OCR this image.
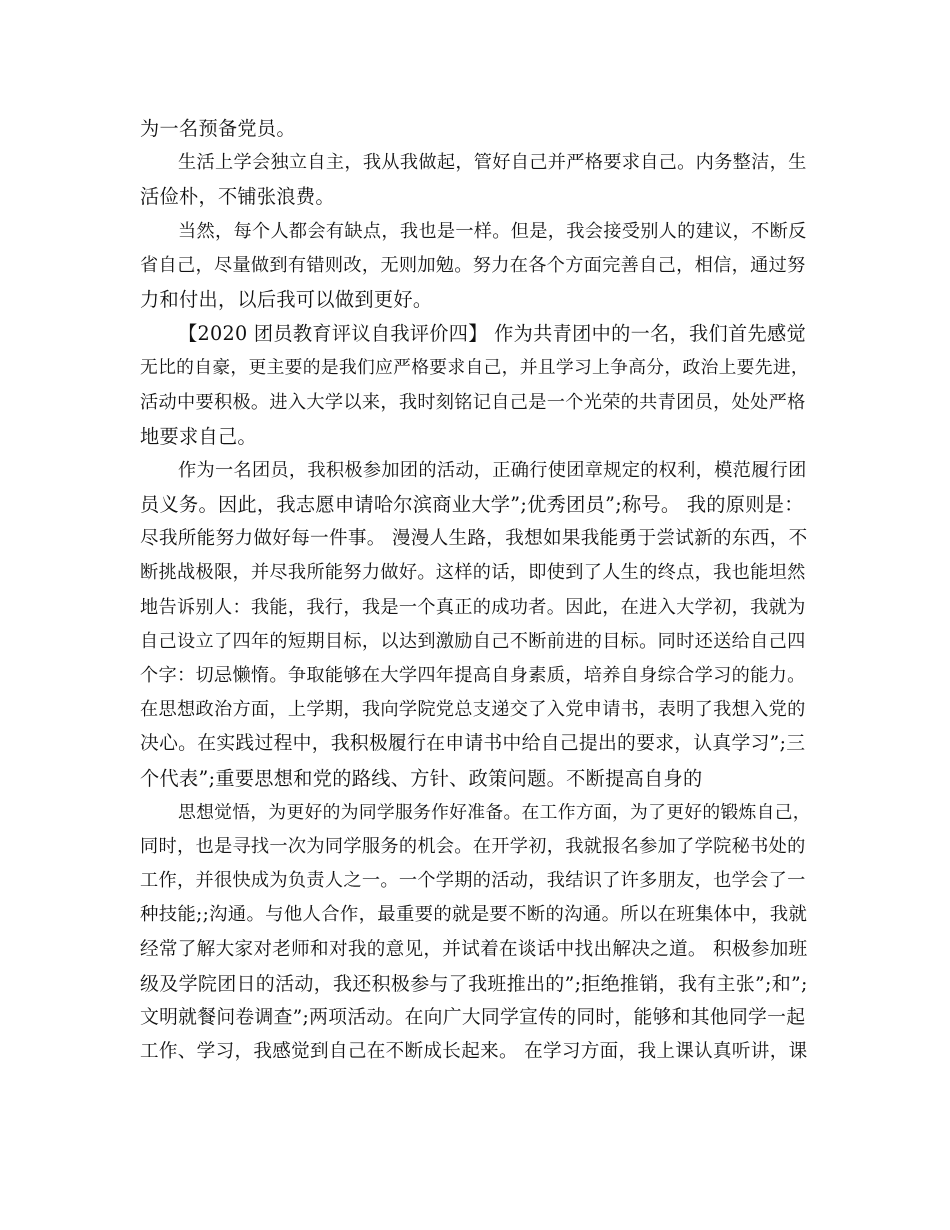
为一名预备党员。
生活上学会独立自主，我从我做起，管好自己并严格要求自己。内务整洁，生
活俭朴，不铺张浪费。
当然，每个人都会有缺点，我也是一样。但是，我会接受别人的建议，不断反
省自己，尽量做到有错则改，无则加勉。努力在各个方面完善自己，相信，通过努
力和付出，以后我可以做到更好。
【2020 团员教育评议自我评价四】 作为共青团中的一名，我们首先感觉
无比的自豪，更主要的是我们应严格要求自己，并且学习上争高分，政治上要先进，
活动中要积极。进入大学以来，我时刻铭记自己是一个光荣的共青团员，处处严格
地要求自己。
作为一名团员，我积极参加团的活动，正确行使团章规定的权利，模范履行团
员义务。因此，我志愿申请哈尔滨商业大学”;优秀团员”;称号。 我的原则是：
尽我所能努力做好每一件事。 漫漫人生路，我想如果我能勇于尝试新的东西，不
断挑战极限，并尽我所能努力做好。这样的话，即使到了人生的终点，我也能坦然
地告诉别人：我能，我行，我是一个真正的成功者。因此，在进入大学初，我就为
自己设立了四年的短期目标，以达到激励自己不断前进的目标。同时还送给自己四
个字：切忌懒惰。争取能够在大学四年提高自身素质，培养自身综合学习的能力。
在思想政治方面，上学期，我向学院党总支递交了入党申请书，表明了我想入党的
决心。在实践过程中，我积极履行在申请书中给自己提出的要求，认真学习”;三
个代表”;重要思想和党的路线、方针、政策问题。不断提高自身的
思想觉悟，为更好的为同学服务作好准备。在工作方面，为了更好的锻炼自己，
同时，也是寻找一次为同学服务的机会。在开学初，我就报名参加了学院秘书处的
工作，并很快成为负责人之一。一个学期的活动，我结识了许多朋友，也学会了一
种技能;;沟通。与他人合作，最重要的就是要不断的沟通。所以在班集体中，我就
经常了解大家对老师和对我的意见，并试着在谈话中找出解决之道。 积极参加班
级及学院团日的活动，我还积极参与了我班推出的”;拒绝推销，我有主张”;和”;
文明就餐问卷调查”;两项活动。在向广大同学宣传的同时，能够和其他同学一起
工作、学习，我感觉到自己在不断成长起来。 在学习方面，我上课认真听讲，课
